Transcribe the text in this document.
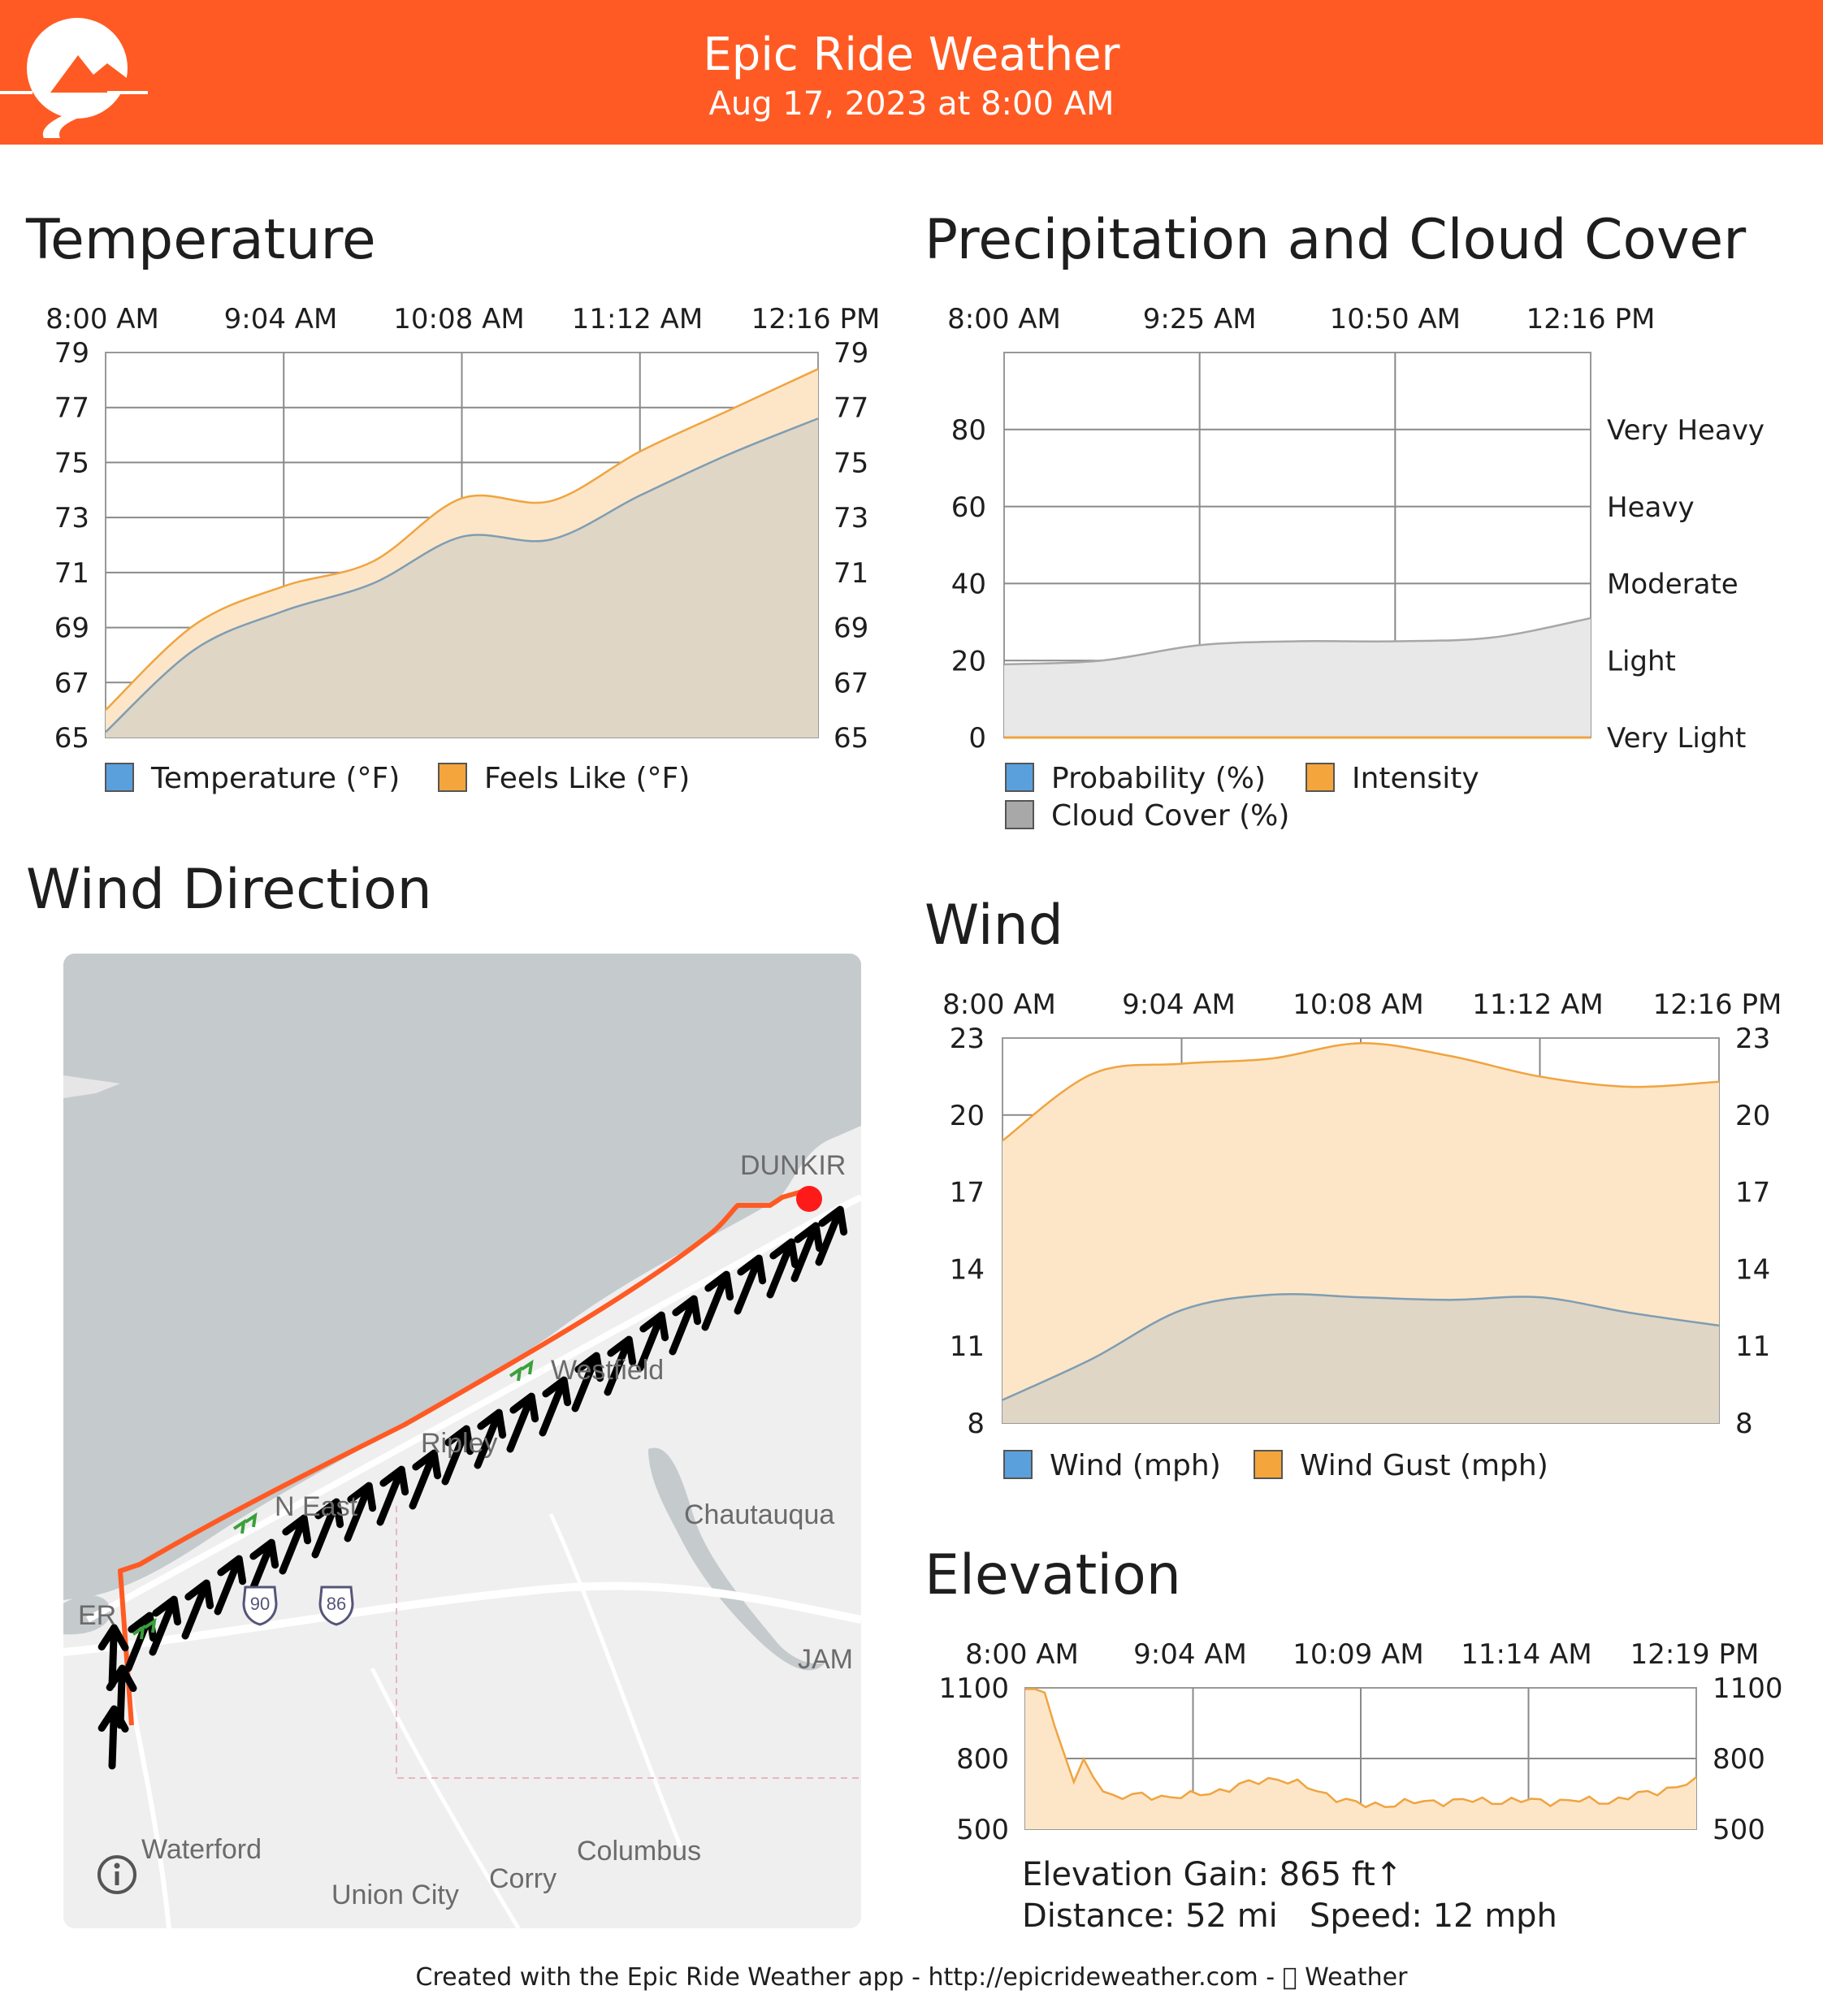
Epic Ride Weather
Aug 17, 2023 at 8:00 AM
Temperature	Precipitation and Cloud Cover
Wind Direction
Wind
Elevation
8:00 AM 9:04 AM 10:08 AM 11:12 AM 12:16 PM
79
77
75
73
71
69
67
65
79
77
75
73
71
69
67
65
Temperature (°F)	Feels Like (°F)
8:00 AM	9:25 AM	10:50 AM 12:16 PM
80
60
40
20
0
Very Heavy
Heavy
Moderate
Light
Very Light
Probability (%)	Intensity
Cloud Cover (%)
8:00 AM 9:04 AM 10:08 AM 11:12 AM 12:16 PM
23
20
17
14
11
8
23
20
17
14
11
8
Wind (mph)	Wind Gust (mph)
8:00 AM 9:04 AM 10:09 AM 11:14 AM 12:19 PM
1100
800
500
1100
800
500
90	86
DUNKIR
Chautauqua
JAM
Waterford	Columbus
Corry
Union City
ER
N East
Westfield
Ripley
Elevation Gain: 865 ft↑
Distance: 52 mi Speed: 12 mph
Created with the Epic Ride Weather app - http://epicrideweather.com - Weather
